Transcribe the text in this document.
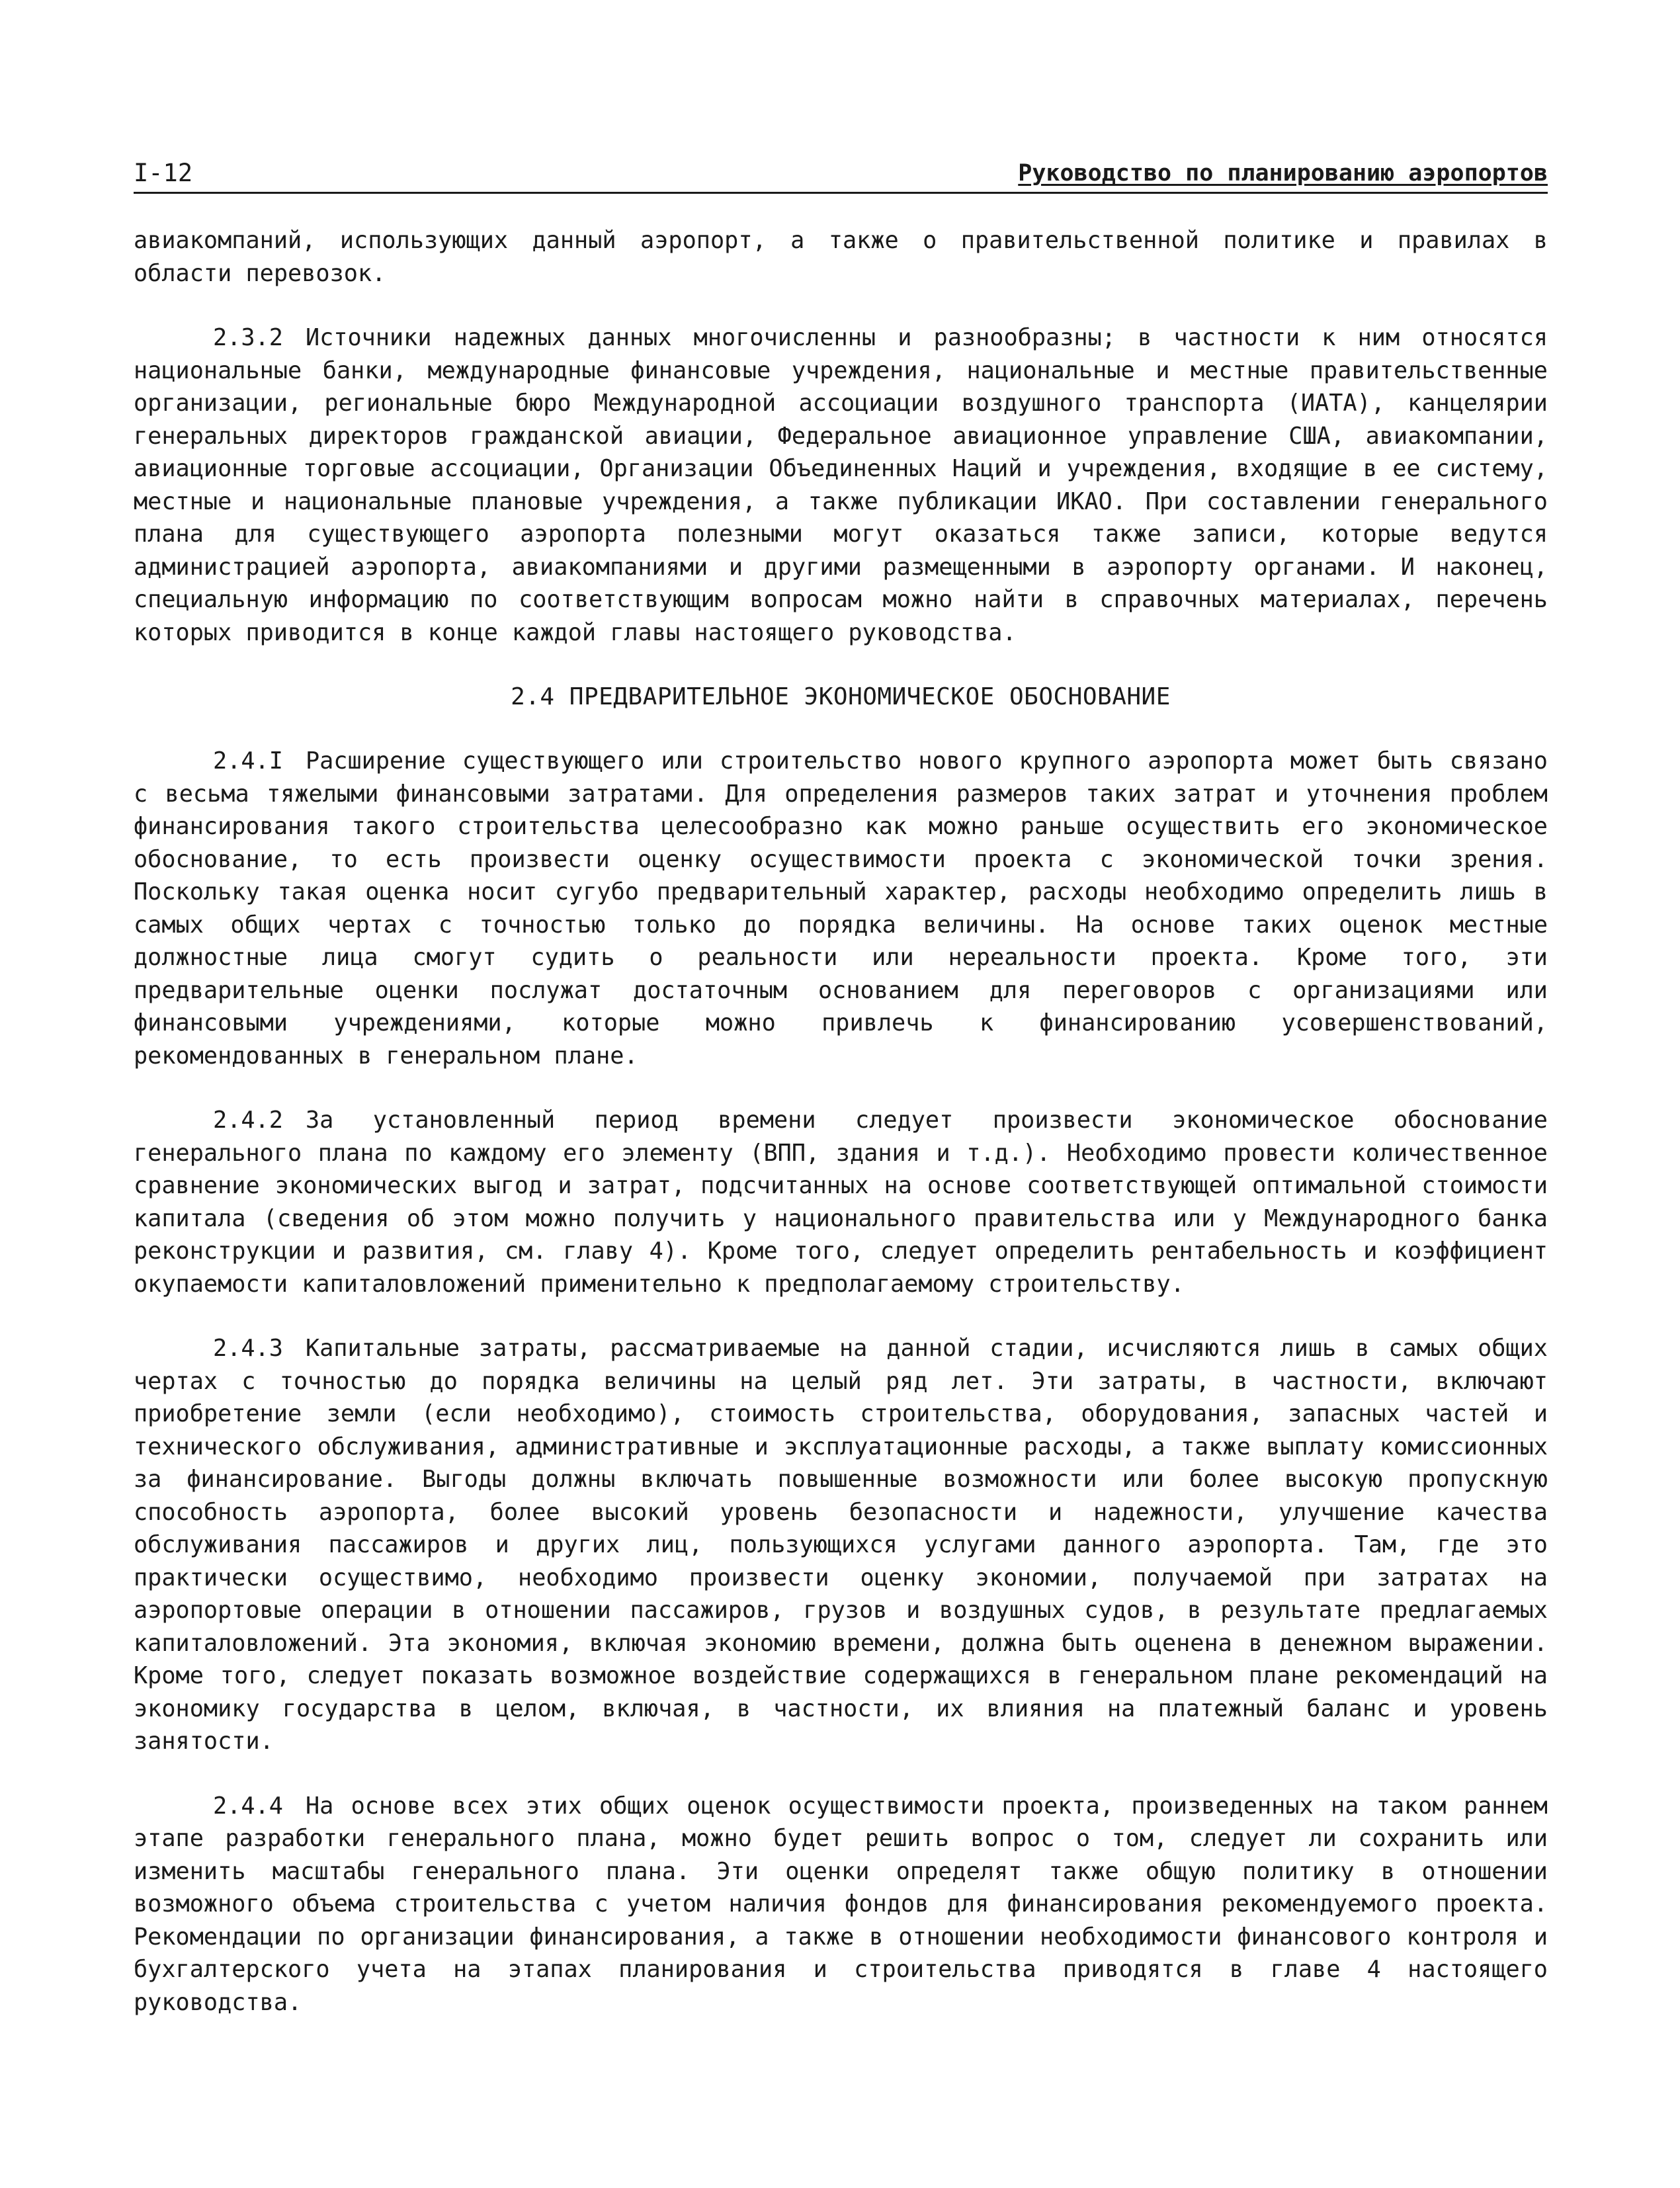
I-12	Руководство по планированию аэропортов

авиакомпаний, использующих данный аэропорт, а также о правительственной политике и правилах в области перевозок.

2.3.2 Источники надежных данных многочисленны и разнообразны; в частности к ним относятся национальные банки, международные финансовые учреждения, национальные и местные правительственные организации, региональные бюро Международной ассоциации воздушного транспорта (ИАТА), канцелярии генеральных директоров гражданской авиации, Федеральное авиационное управление США, авиакомпании, авиационные торговые ассоциации, Организации Объединенных Наций и учреждения, входящие в ее систему, местные и национальные плановые учреждения, а также публикации ИКАО. При составлении генерального плана для существующего аэропорта полезными могут оказаться также записи, которые ведутся администрацией аэропорта, авиакомпаниями и другими размещенными в аэропорту органами. И наконец, специальную информацию по соответствующим вопросам можно найти в справочных материалах, перечень которых приводится в конце каждой главы настоящего руководства.

2.4 ПРЕДВАРИТЕЛЬНОЕ ЭКОНОМИЧЕСКОЕ ОБОСНОВАНИЕ

2.4.I Расширение существующего или строительство нового крупного аэропорта может быть связано с весьма тяжелыми финансовыми затратами. Для определения размеров таких затрат и уточнения проблем финансирования такого строительства целесообразно как можно раньше осуществить его экономическое обоснование, то есть произвести оценку осуществимости проекта с экономической точки зрения. Поскольку такая оценка носит сугубо предварительный характер, расходы необходимо определить лишь в самых общих чертах с точностью только до порядка величины. На основе таких оценок местные должностные лица смогут судить о реальности или нереальности проекта. Кроме того, эти предварительные оценки послужат достаточным основанием для переговоров с организациями или финансовыми учреждениями, которые можно привлечь к финансированию усовершенствований, рекомендованных в генеральном плане.

2.4.2 За установленный период времени следует произвести экономическое обоснование генерального плана по каждому его элементу (ВПП, здания и т.д.). Необходимо провести количественное сравнение экономических выгод и затрат, подсчитанных на основе соответствующей оптимальной стоимости капитала (сведения об этом можно получить у национального правительства или у Международного банка реконструкции и развития, см. главу 4). Кроме того, следует определить рентабельность и коэффициент окупаемости капиталовложений применительно к предполагаемому строительству.

2.4.3 Капитальные затраты, рассматриваемые на данной стадии, исчисляются лишь в самых общих чертах с точностью до порядка величины на целый ряд лет. Эти затраты, в частности, включают приобретение земли (если необходимо), стоимость строительства, оборудования, запасных частей и технического обслуживания, административные и эксплуатационные расходы, а также выплату комиссионных за финансирование. Выгоды должны включать повышенные возможности или более высокую пропускную способность аэропорта, более высокий уровень безопасности и надежности, улучшение качества обслуживания пассажиров и других лиц, пользующихся услугами данного аэропорта. Там, где это практически осуществимо, необходимо произвести оценку экономии, получаемой при затратах на аэропортовые операции в отношении пассажиров, грузов и воздушных судов, в результате предлагаемых капиталовложений. Эта экономия, включая экономию времени, должна быть оценена в денежном выражении. Кроме того, следует показать возможное воздействие содержащихся в генеральном плане рекомендаций на экономику государства в целом, включая, в частности, их влияния на платежный баланс и уровень занятости.

2.4.4 На основе всех этих общих оценок осуществимости проекта, произведенных на таком раннем этапе разработки генерального плана, можно будет решить вопрос о том, следует ли сохранить или изменить масштабы генерального плана. Эти оценки определят также общую политику в отношении возможного объема строительства с учетом наличия фондов для финансирования рекомендуемого проекта. Рекомендации по организации финансирования, а также в отношении необходимости финансового контроля и бухгалтерского учета на этапах планирования и строительства приводятся в главе 4 настоящего руководства.
